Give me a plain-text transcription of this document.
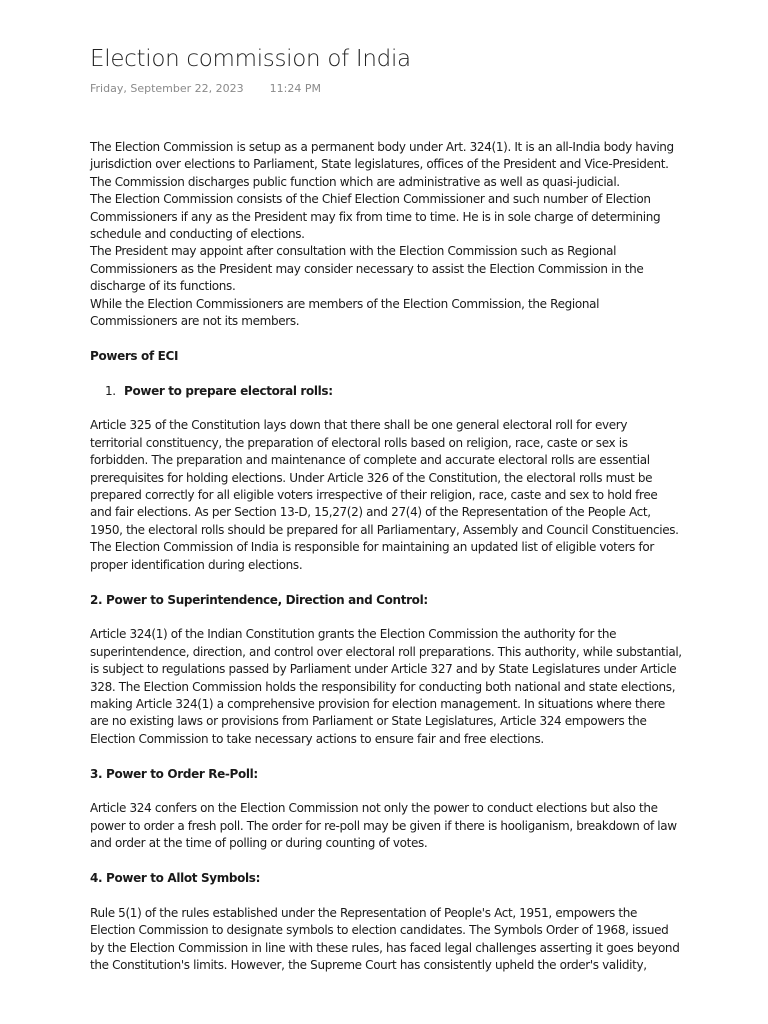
Election commission of India
Friday, September 22, 2023 11:24 PM

The Election Commission is setup as a permanent body under Art. 324(1). It is an all-India body having jurisdiction over elections to Parliament, State legislatures, offices of the President and Vice-President.

The Commission discharges public function which are administrative as well as quasi-judicial.

The Election Commission consists of the Chief Election Commissioner and such number of Election Commissioners if any as the President may fix from time to time. He is in sole charge of determining schedule and conducting of elections.

The President may appoint after consultation with the Election Commission such as Regional Commissioners as the President may consider necessary to assist the Election Commission in the discharge of its functions.

While the Election Commissioners are members of the Election Commission, the Regional Commissioners are not its members.

Powers of ECI

1. Power to prepare electoral rolls:

Article 325 of the Constitution lays down that there shall be one general electoral roll for every territorial constituency, the preparation of electoral rolls based on religion, race, caste or sex is forbidden. The preparation and maintenance of complete and accurate electoral rolls are essential prerequisites for holding elections. Under Article 326 of the Constitution, the electoral rolls must be prepared correctly for all eligible voters irrespective of their religion, race, caste and sex to hold free and fair elections. As per Section 13-D, 15,27(2) and 27(4) of the Representation of the People Act, 1950, the electoral rolls should be prepared for all Parliamentary, Assembly and Council Constituencies. The Election Commission of India is responsible for maintaining an updated list of eligible voters for proper identification during elections.

2. Power to Superintendence, Direction and Control:

Article 324(1) of the Indian Constitution grants the Election Commission the authority for the superintendence, direction, and control over electoral roll preparations. This authority, while substantial, is subject to regulations passed by Parliament under Article 327 and by State Legislatures under Article 328. The Election Commission holds the responsibility for conducting both national and state elections, making Article 324(1) a comprehensive provision for election management. In situations where there are no existing laws or provisions from Parliament or State Legislatures, Article 324 empowers the Election Commission to take necessary actions to ensure fair and free elections.

3. Power to Order Re-Poll:

Article 324 confers on the Election Commission not only the power to conduct elections but also the power to order a fresh poll. The order for re-poll may be given if there is hooliganism, breakdown of law and order at the time of polling or during counting of votes.

4. Power to Allot Symbols:

Rule 5(1) of the rules established under the Representation of People's Act, 1951, empowers the Election Commission to designate symbols to election candidates. The Symbols Order of 1968, issued by the Election Commission in line with these rules, has faced legal challenges asserting it goes beyond the Constitution's limits. However, the Supreme Court has consistently upheld the order's validity,
